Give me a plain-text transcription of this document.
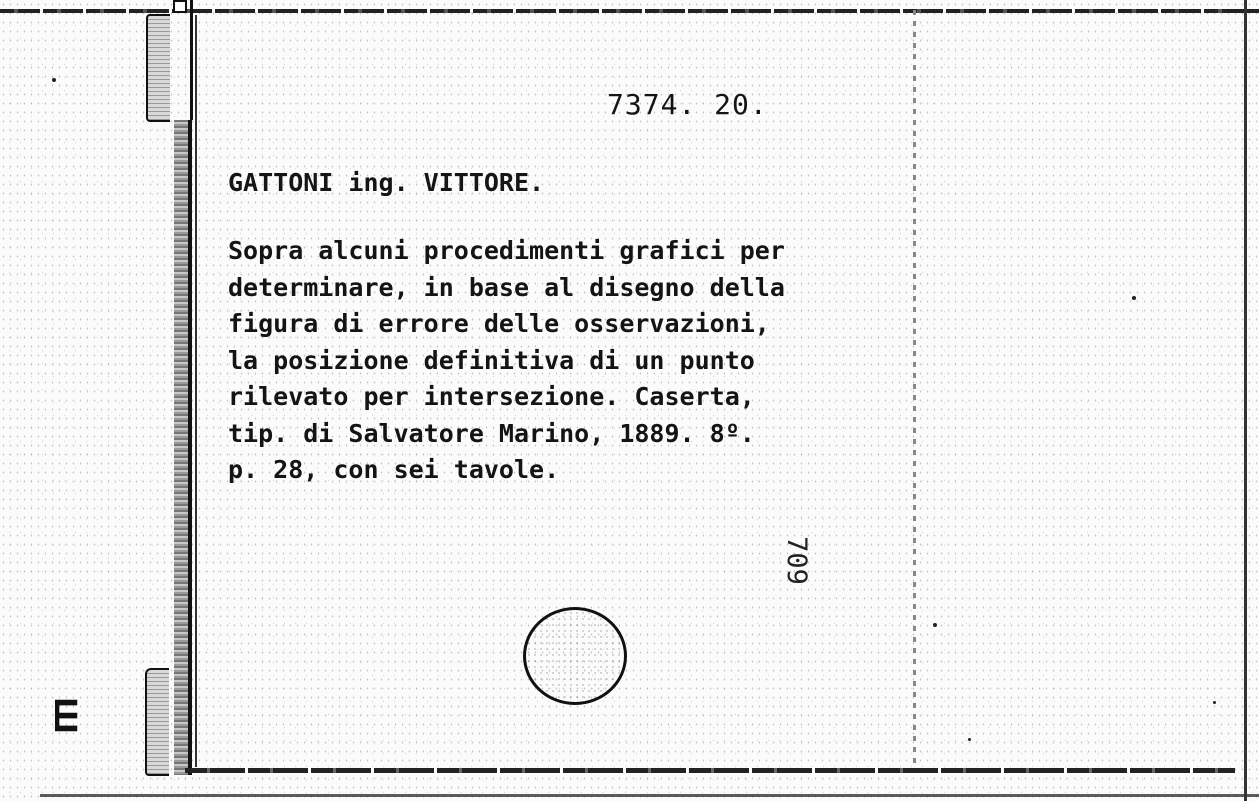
Ш
7374. 20.
GATTONI ing. VITTORE.

Sopra alcuni procedimenti grafici per
determinare, in base al disegno della
figura di errore delle osservazioni,
la posizione definitiva di un punto
rilevato per intersezione. Caserta,
tip. di Salvatore Marino, 1889. 8º.
p. 28, con sei tavole.

709
